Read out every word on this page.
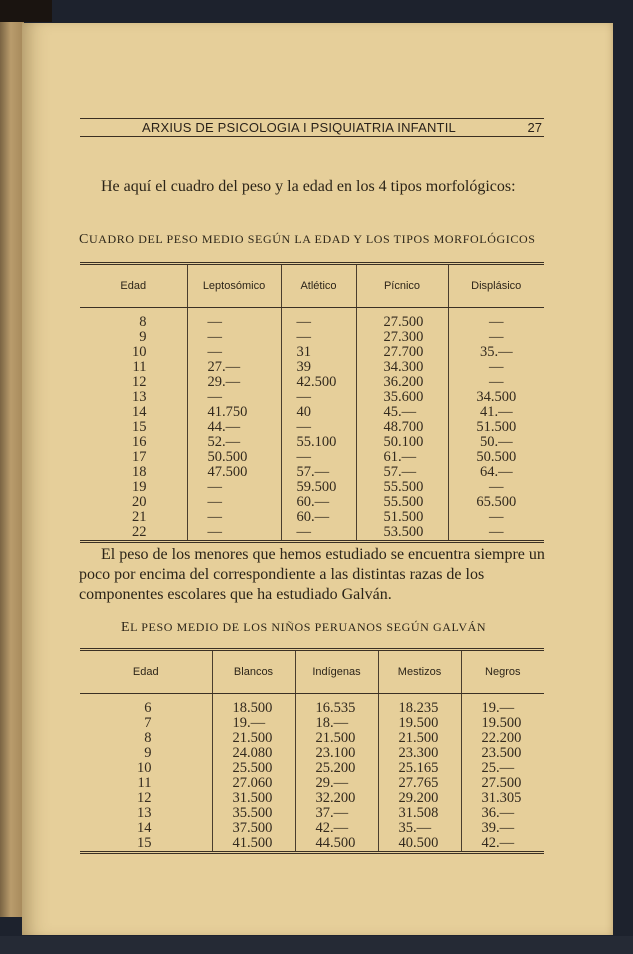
ARXIUS DE PSICOLOGIA I PSIQUIATRIA INFANTIL	27
He aquí el cuadro del peso y la edad en los 4 tipos morfológicos:
CUADRO DEL PESO MEDIO SEGÚN LA EDAD Y LOS TIPOS MORFOLÓGICOS
Edad	Leptosómico	Atlético	Pícnico	Displásico
8	—	—	27.500	—
9	—	—	27.300	—
10	—	31	27.700	35.—
11	27.—	39	34.300	—
12	29.—	42.500	36.200	—
13	—	—	35.600	34.500
14	41.750	40	45.—	41.—
15	44.—	—	48.700	51.500
16	52.—	55.100	50.100	50.—
17	50.500	—	61.—	50.500
18	47.500	57.—	57.—	64.—
19	—	59.500	55.500	—
20	—	60.—	55.500	65.500
21	—	60.—	51.500	—
22	—	—	53.500	—
El peso de los menores que hemos estudiado se encuentra siempre un poco por encima del correspondiente a las distintas razas de los componentes escolares que ha estudiado Galván.
EL PESO MEDIO DE LOS NIÑOS PERUANOS SEGÚN GALVÁN
Edad	Blancos	Indígenas	Mestizos	Negros
6	18.500	16.535	18.235	19.—
7	19.—	18.—	19.500	19.500
8	21.500	21.500	21.500	22.200
9	24.080	23.100	23.300	23.500
10	25.500	25.200	25.165	25.—
11	27.060	29.—	27.765	27.500
12	31.500	32.200	29.200	31.305
13	35.500	37.—	31.508	36.—
14	37.500	42.—	35.—	39.—
15	41.500	44.500	40.500	42.—
